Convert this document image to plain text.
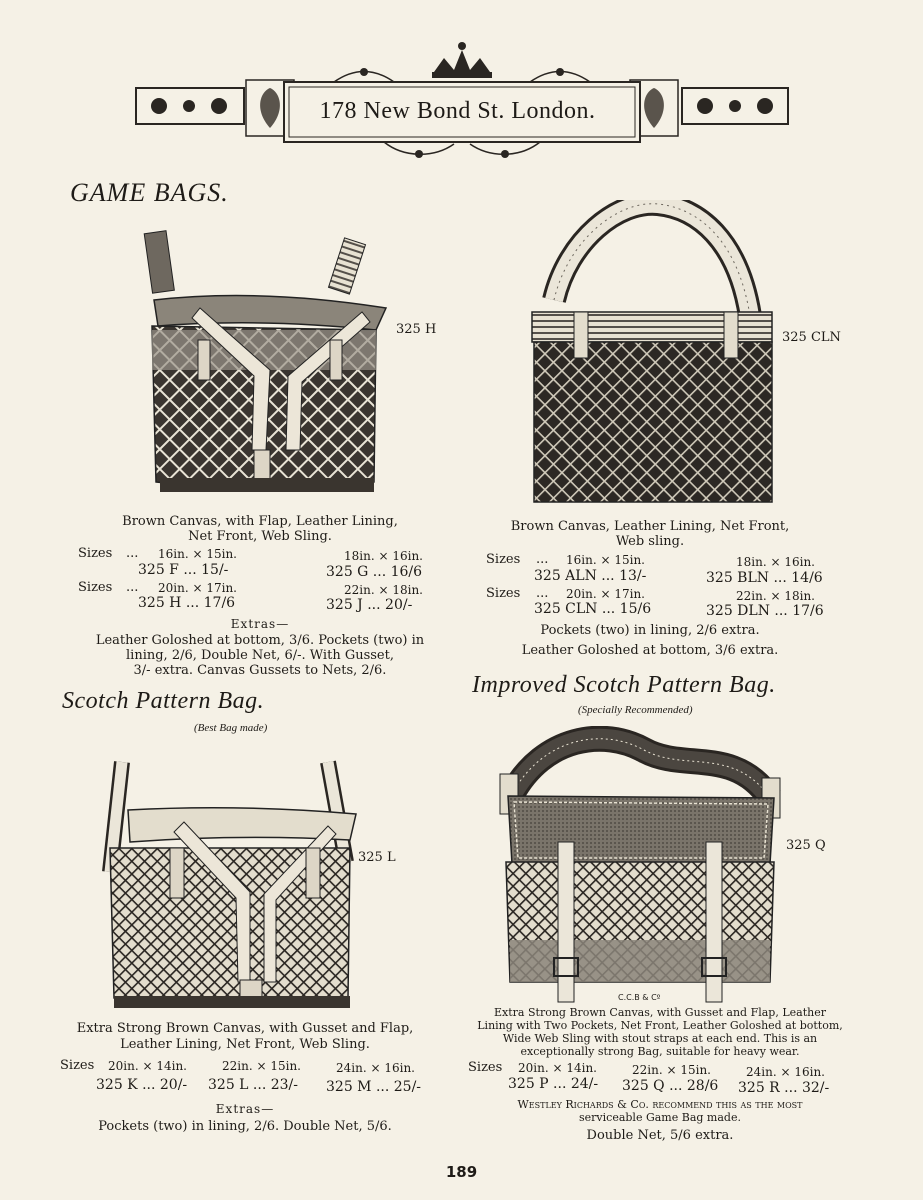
178 New Bond St. London.
GAME BAGS.
325 H
325 CLN
Brown Canvas, with Flap, Leather Lining,
Net Front, Web Sling.
Sizes ... 16in. × 15in.	18in. × 16in.
325 F ... 15/-	325 G ... 16/6
Sizes ... 20in. × 17in.	22in. × 18in.
325 H ... 17/6	325 J ... 20/-
Extras—
Leather Goloshed at bottom, 3/6. Pockets (two) in
lining, 2/6, Double Net, 6/-. With Gusset,
3/- extra. Canvas Gussets to Nets, 2/6.
Brown Canvas, Leather Lining, Net Front,
Web sling.
Sizes ... 16in. × 15in.	18in. × 16in.
325 ALN ... 13/-	325 BLN ... 14/6
Sizes ... 20in. × 17in.	22in. × 18in.
325 CLN ... 15/6	325 DLN ... 17/6
Pockets (two) in lining, 2/6 extra.
Leather Goloshed at bottom, 3/6 extra.
Scotch Pattern Bag.
(Best Bag made)
325 L
Extra Strong Brown Canvas, with Gusset and Flap,
Leather Lining, Net Front, Web Sling.
Sizes 20in. × 14in.	22in. × 15in.	24in. × 16in.
325 K ... 20/- 325 L ... 23/- 325 M ... 25/-
Extras—
Pockets (two) in lining, 2/6. Double Net, 5/6.
Improved Scotch Pattern Bag.
(Specially Recommended)
C.C.B & Cº
325 Q
Extra Strong Brown Canvas, with Gusset and Flap, Leather
Lining with Two Pockets, Net Front, Leather Goloshed at bottom,
Wide Web Sling with stout straps at each end. This is an
exceptionally strong Bag, suitable for heavy wear.
Sizes 20in. × 14in.	22in. × 15in.	24in. × 16in.
325 P ... 24/- 325 Q ... 28/6 325 R ... 32/-
Westley Richards & Co. recommend this as the most
serviceable Game Bag made.
Double Net, 5/6 extra.
189
